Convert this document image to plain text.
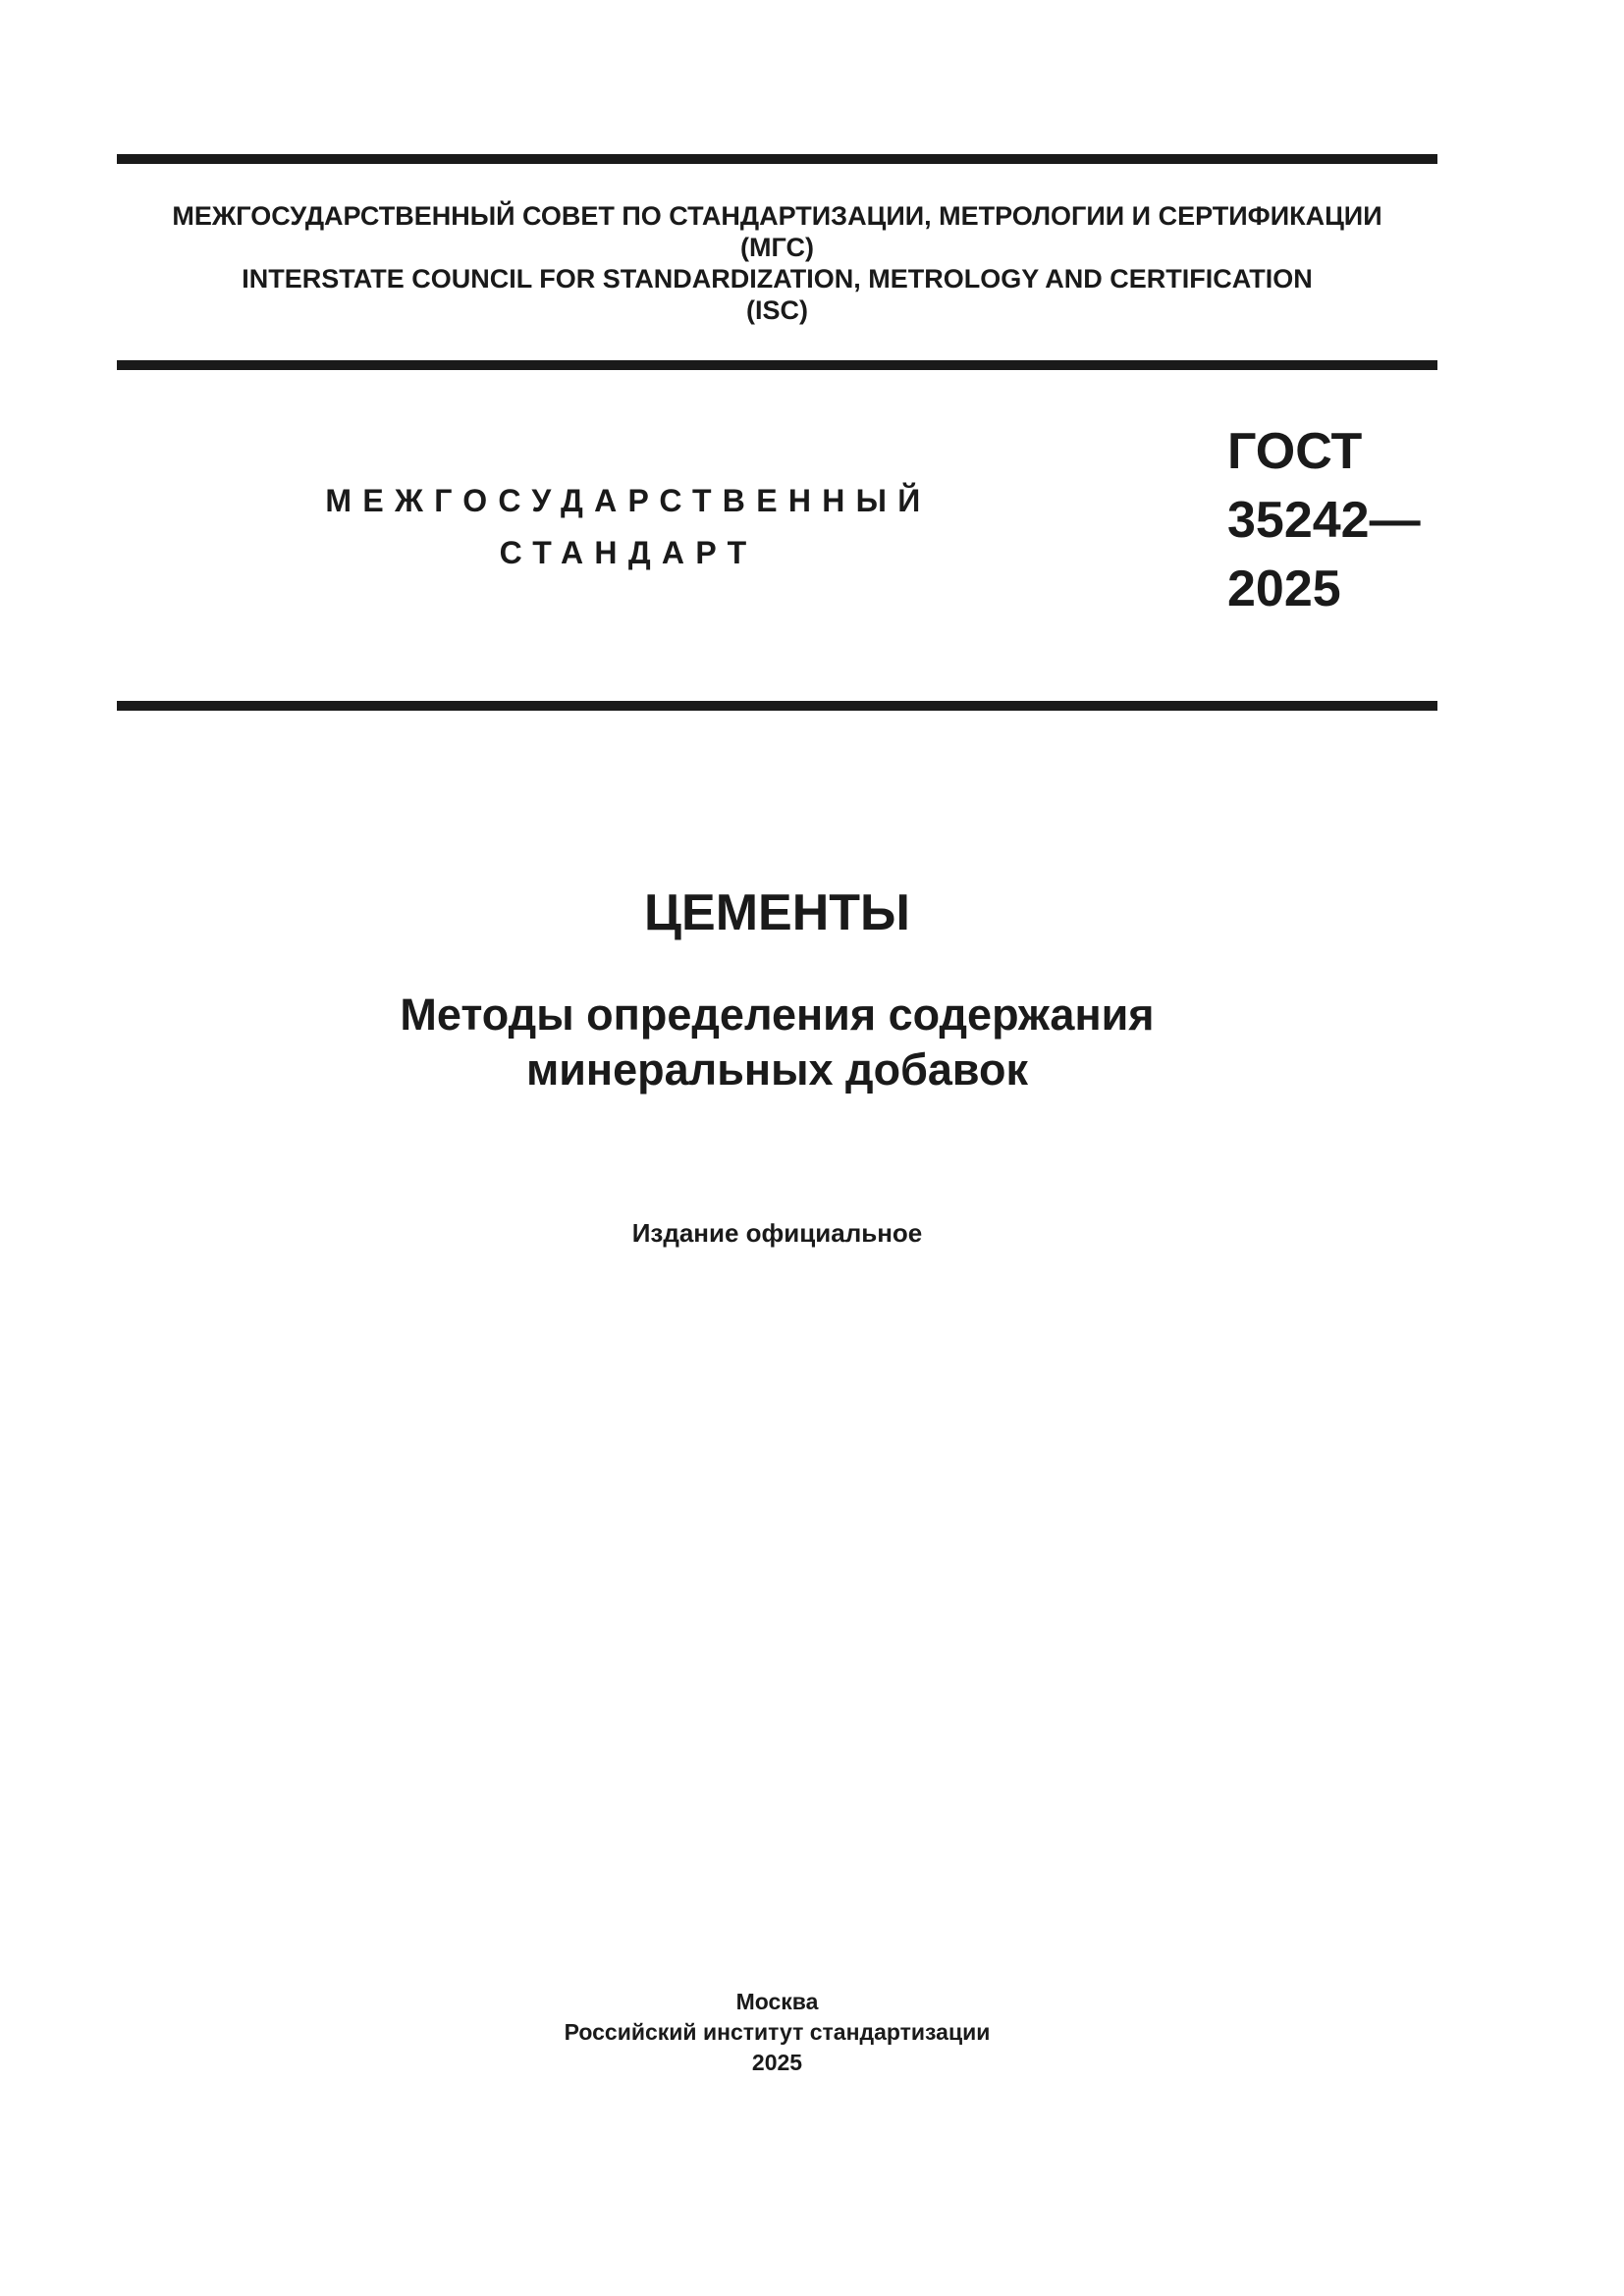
МЕЖГОСУДАРСТВЕННЫЙ СОВЕТ ПО СТАНДАРТИЗАЦИИ, МЕТРОЛОГИИ И СЕРТИФИКАЦИИ
(МГС)
INTERSTATE COUNCIL FOR STANDARDIZATION, METROLOGY AND CERTIFICATION
(ISC)
МЕЖГОСУДАРСТВЕННЫЙ
СТАНДАРТ
ГОСТ
35242—
2025
ЦЕМЕНТЫ
Методы определения содержания
минеральных добавок
Издание официальное
Москва
Российский институт стандартизации
2025
